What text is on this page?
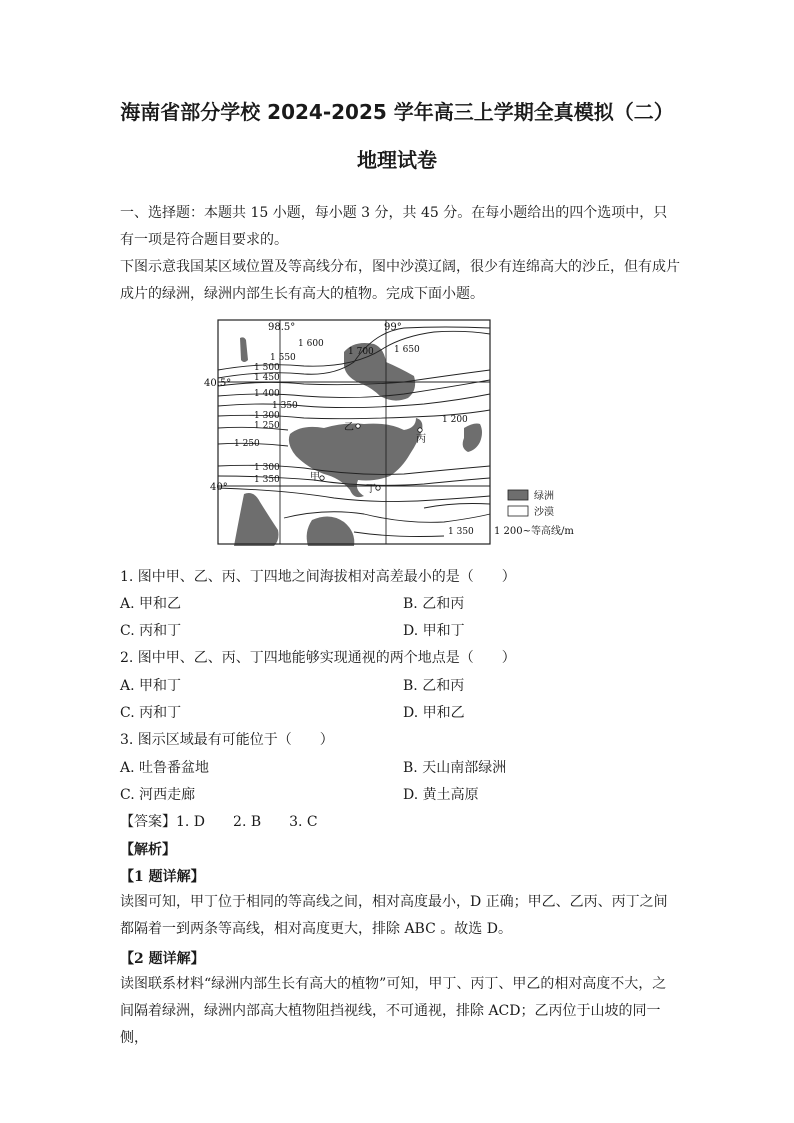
海南省部分学校 2024-2025 学年高三上学期全真模拟（二）
地理试卷
一、选择题：本题共 15 小题，每小题 3 分，共 45 分。在每小题给出的四个选项中，只有一项是符合题目要求的。
下图示意我国某区域位置及等高线分布，图中沙漠辽阔，很少有连绵高大的沙丘，但有成片成片的绿洲，绿洲内部生长有高大的植物。完成下面小题。
98.5°	99°
40.5°
40°
1 600
1 550
1 500
1 450
1 400
1 350
1 300
1 250
1 250
1 300
1 350
1 700 1 650
1 200
1 350
乙
丙
甲
丁
绿洲
沙漠
1 200~等高线/m
1. 图中甲、乙、丙、丁四地之间海拔相对高差最小的是（　　）
A. 甲和乙	B. 乙和丙
C. 丙和丁	D. 甲和丁
2. 图中甲、乙、丙、丁四地能够实现通视的两个地点是（　　）
A. 甲和丁	B. 乙和丙
C. 丙和丁	D. 甲和乙
3. 图示区域最有可能位于（　　）
A. 吐鲁番盆地	B. 天山南部绿洲
C. 河西走廊	D. 黄土高原
【答案】1. D　　2. B　　3. C
【解析】
【1 题详解】
读图可知，甲丁位于相同的等高线之间，相对高度最小，D 正确；甲乙、乙丙、丙丁之间都隔着一到两条等高线，相对高度更大，排除 ABC 。故选 D。
【2 题详解】
读图联系材料“绿洲内部生长有高大的植物”可知，甲丁、丙丁、甲乙的相对高度不大，之间隔着绿洲，绿洲内部高大植物阻挡视线，不可通视，排除 ACD；乙丙位于山坡的同一侧，
